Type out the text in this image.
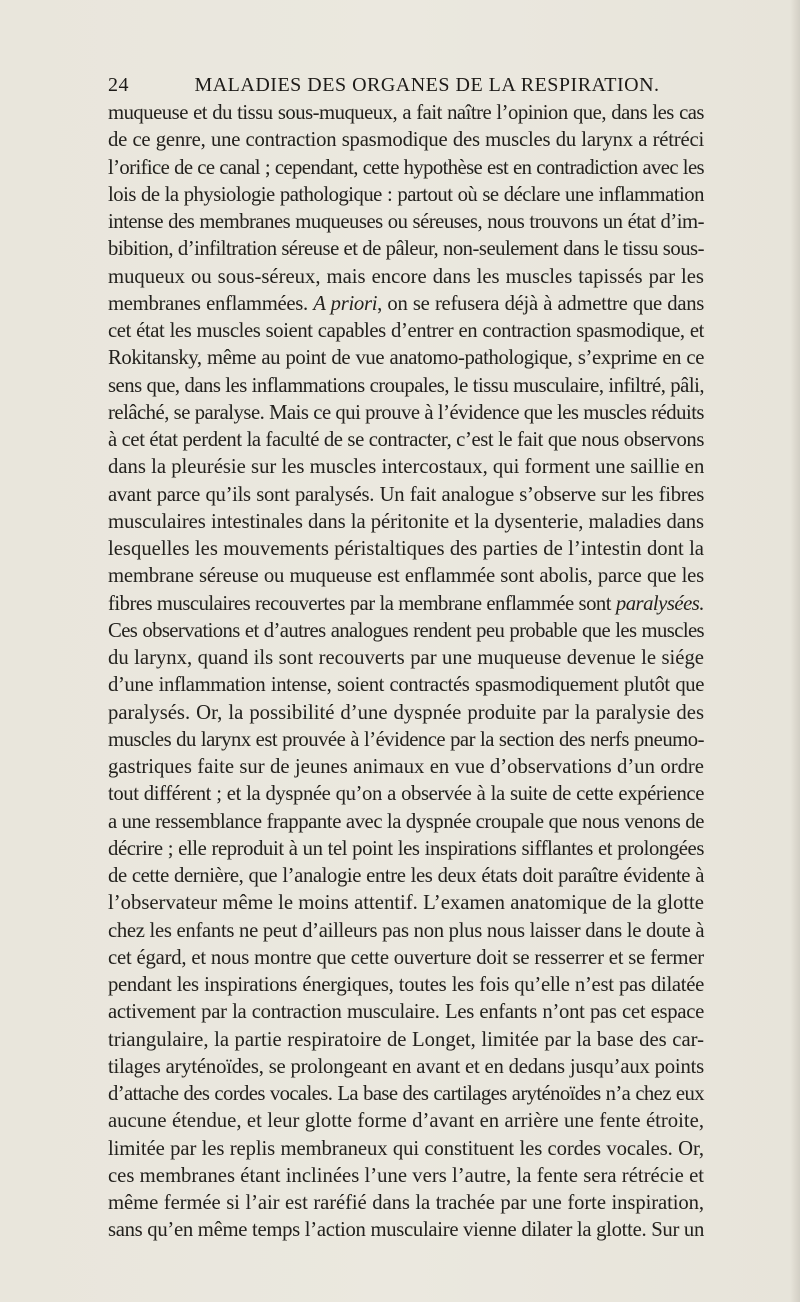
24	MALADIES DES ORGANES DE LA RESPIRATION.
muqueuse et du tissu sous-muqueux, a fait naître l’opinion que, dans les cas
de ce genre, une contraction spasmodique des muscles du larynx a rétréci
l’orifice de ce canal ; cependant, cette hypothèse est en contradiction avec les
lois de la physiologie pathologique : partout où se déclare une inflammation
intense des membranes muqueuses ou séreuses, nous trouvons un état d’im-
bibition, d’infiltration séreuse et de pâleur, non-seulement dans le tissu sous-
muqueux ou sous-séreux, mais encore dans les muscles tapissés par les
membranes enflammées. A priori, on se refusera déjà à admettre que dans
cet état les muscles soient capables d’entrer en contraction spasmodique, et
Rokitansky, même au point de vue anatomo-pathologique, s’exprime en ce
sens que, dans les inflammations croupales, le tissu musculaire, infiltré, pâli,
relâché, se paralyse. Mais ce qui prouve à l’évidence que les muscles réduits
à cet état perdent la faculté de se contracter, c’est le fait que nous observons
dans la pleurésie sur les muscles intercostaux, qui forment une saillie en
avant parce qu’ils sont paralysés. Un fait analogue s’observe sur les fibres
musculaires intestinales dans la péritonite et la dysenterie, maladies dans
lesquelles les mouvements péristaltiques des parties de l’intestin dont la
membrane séreuse ou muqueuse est enflammée sont abolis, parce que les
fibres musculaires recouvertes par la membrane enflammée sont paralysées.
Ces observations et d’autres analogues rendent peu probable que les muscles
du larynx, quand ils sont recouverts par une muqueuse devenue le siége
d’une inflammation intense, soient contractés spasmodiquement plutôt que
paralysés. Or, la possibilité d’une dyspnée produite par la paralysie des
muscles du larynx est prouvée à l’évidence par la section des nerfs pneumo-
gastriques faite sur de jeunes animaux en vue d’observations d’un ordre
tout différent ; et la dyspnée qu’on a observée à la suite de cette expérience
a une ressemblance frappante avec la dyspnée croupale que nous venons de
décrire ; elle reproduit à un tel point les inspirations sifflantes et prolongées
de cette dernière, que l’analogie entre les deux états doit paraître évidente à
l’observateur même le moins attentif. L’examen anatomique de la glotte
chez les enfants ne peut d’ailleurs pas non plus nous laisser dans le doute à
cet égard, et nous montre que cette ouverture doit se resserrer et se fermer
pendant les inspirations énergiques, toutes les fois qu’elle n’est pas dilatée
activement par la contraction musculaire. Les enfants n’ont pas cet espace
triangulaire, la partie respiratoire de Longet, limitée par la base des car-
tilages aryténoïdes, se prolongeant en avant et en dedans jusqu’aux points
d’attache des cordes vocales. La base des cartilages aryténoïdes n’a chez eux
aucune étendue, et leur glotte forme d’avant en arrière une fente étroite,
limitée par les replis membraneux qui constituent les cordes vocales. Or,
ces membranes étant inclinées l’une vers l’autre, la fente sera rétrécie et
même fermée si l’air est raréfié dans la trachée par une forte inspiration,
sans qu’en même temps l’action musculaire vienne dilater la glotte. Sur un
